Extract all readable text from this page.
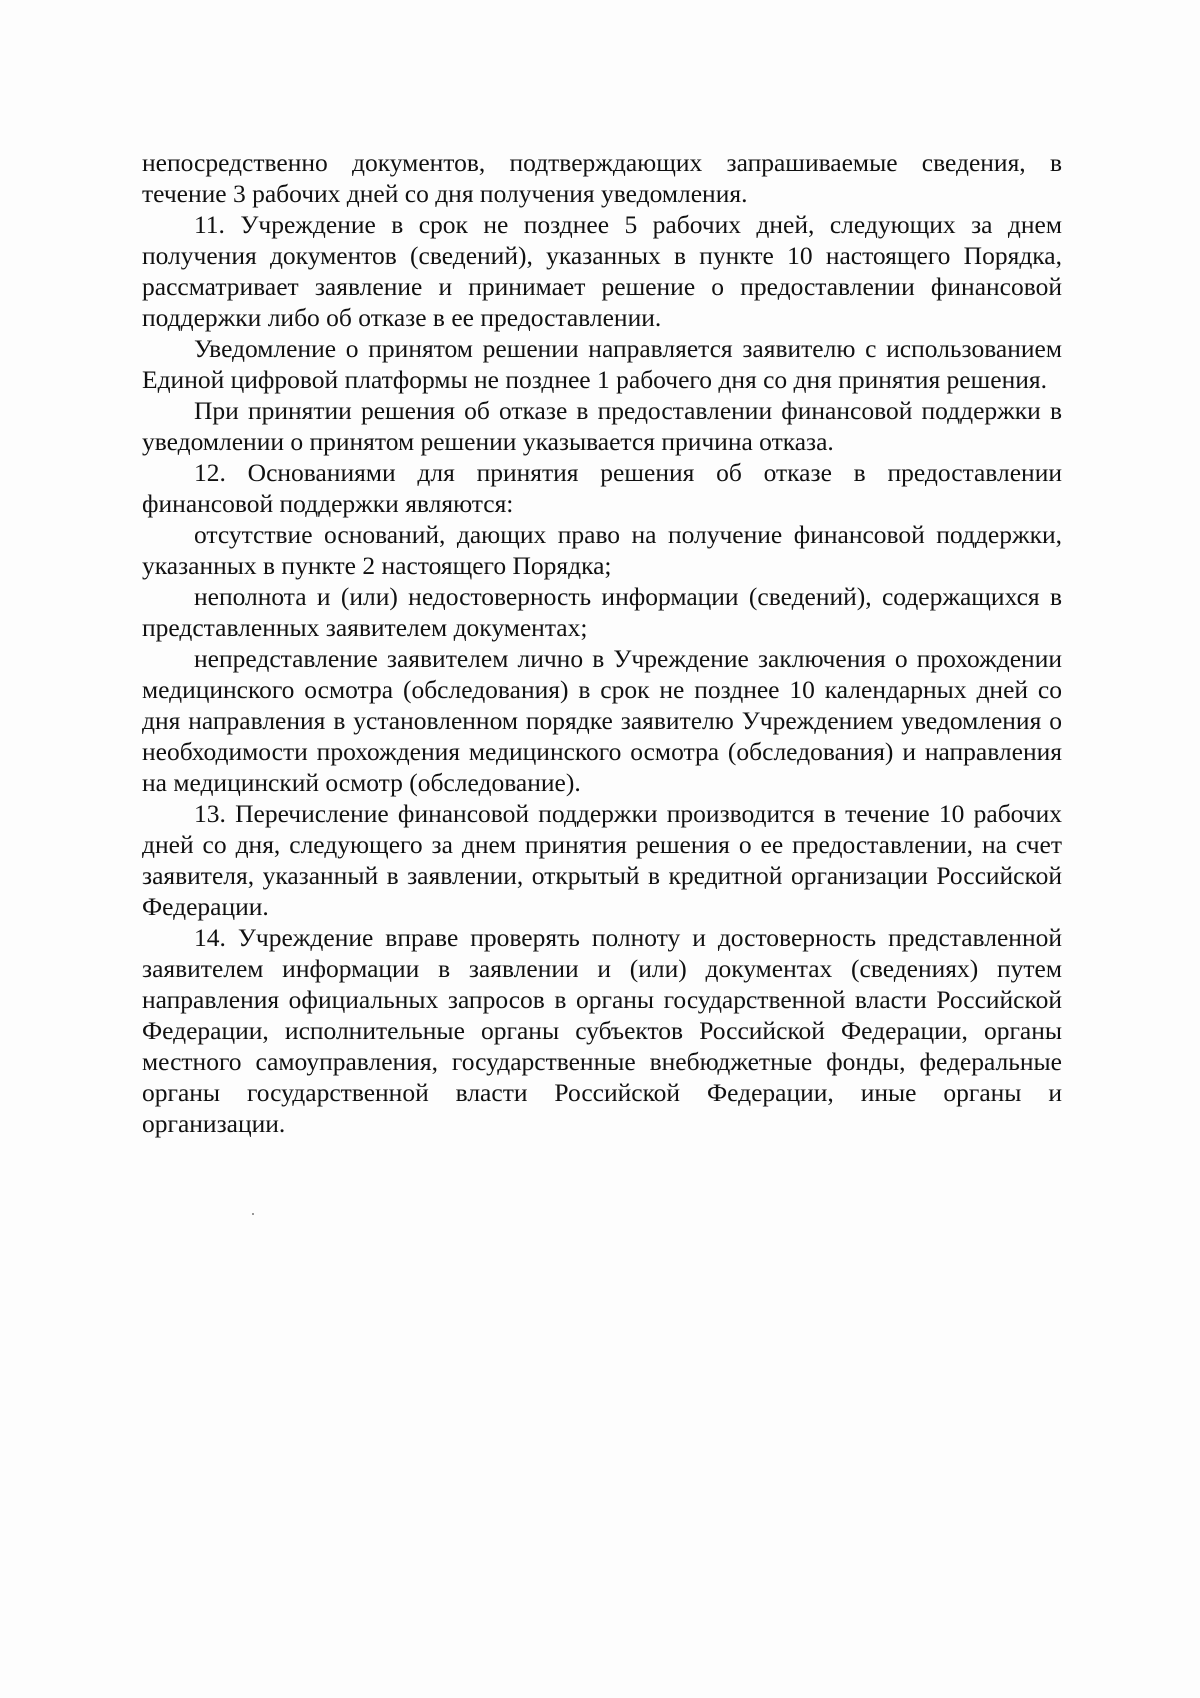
непосредственно документов, подтверждающих запрашиваемые сведения, в течение 3 рабочих дней со дня получения уведомления.

11. Учреждение в срок не позднее 5 рабочих дней, следующих за днем получения документов (сведений), указанных в пункте 10 настоящего Порядка, рассматривает заявление и принимает решение о предоставлении финансовой поддержки либо об отказе в ее предоставлении.

Уведомление о принятом решении направляется заявителю с использованием Единой цифровой платформы не позднее 1 рабочего дня со дня принятия решения.

При принятии решения об отказе в предоставлении финансовой поддержки в уведомлении о принятом решении указывается причина отказа.

12. Основаниями для принятия решения об отказе в предоставлении финансовой поддержки являются:

отсутствие оснований, дающих право на получение финансовой поддержки, указанных в пункте 2 настоящего Порядка;

неполнота и (или) недостоверность информации (сведений), содержащихся в представленных заявителем документах;

непредставление заявителем лично в Учреждение заключения о прохождении медицинского осмотра (обследования) в срок не позднее 10 календарных дней со дня направления в установленном порядке заявителю Учреждением уведомления о необходимости прохождения медицинского осмотра (обследования) и направления на медицинский осмотр (обследование).

13. Перечисление финансовой поддержки производится в течение 10 рабочих дней со дня, следующего за днем принятия решения о ее предоставлении, на счет заявителя, указанный в заявлении, открытый в кредитной организации Российской Федерации.

14. Учреждение вправе проверять полноту и достоверность представленной заявителем информации в заявлении и (или) документах (сведениях) путем направления официальных запросов в органы государственной власти Российской Федерации, исполнительные органы субъектов Российской Федерации, органы местного самоуправления, государственные внебюджетные фонды, федеральные органы государственной власти Российской Федерации, иные органы и организации.
